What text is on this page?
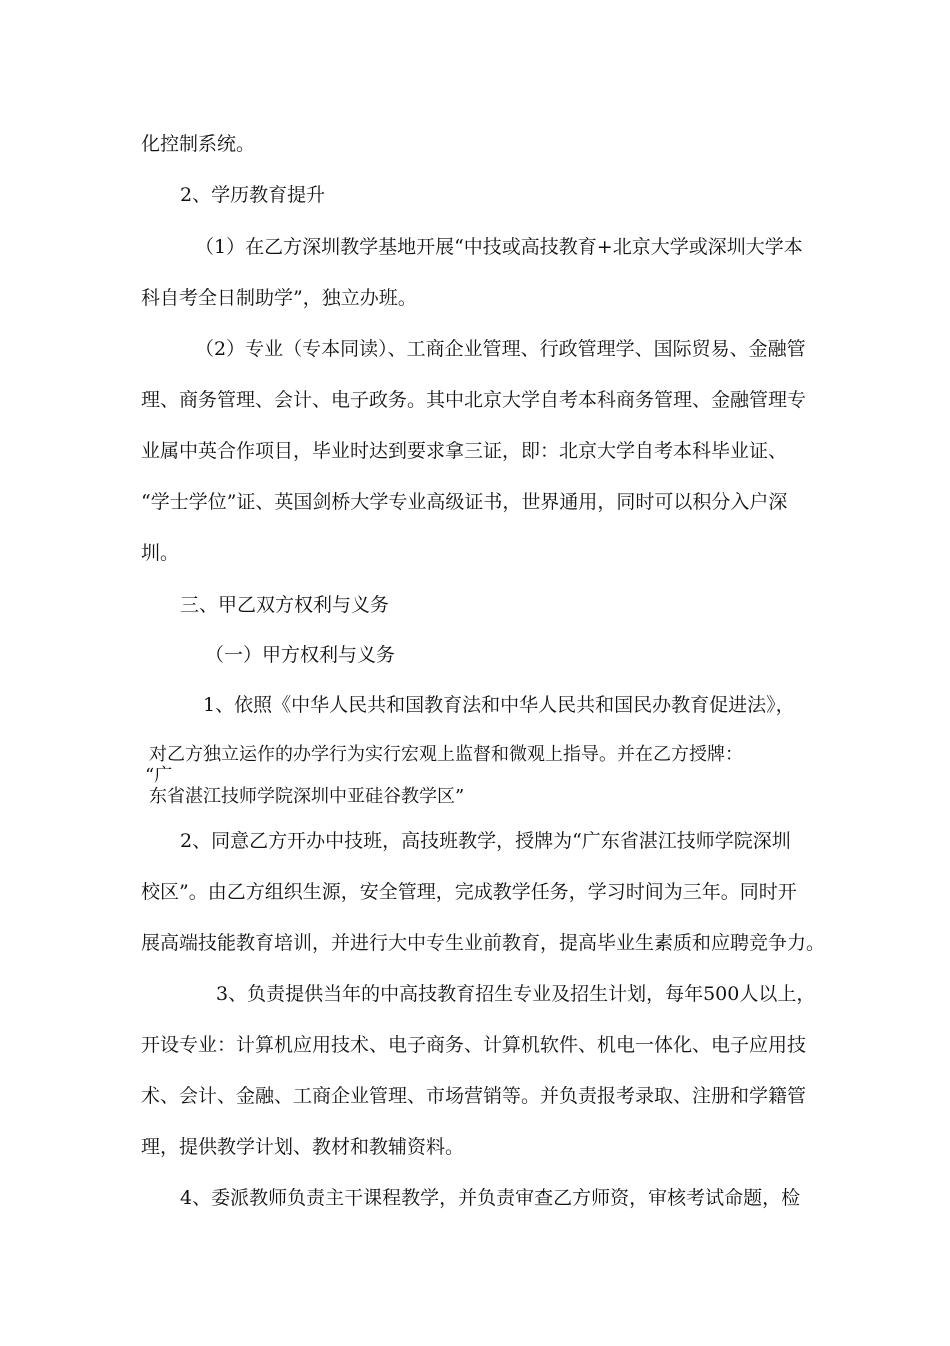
化控制系统。

2、学历教育提升

（1）在乙方深圳教学基地开展“中技或高技教育+北京大学或深圳大学本

科自考全日制助学”，独立办班。

（2）专业（专本同读）、工商企业管理、行政管理学、国际贸易、金融管

理、商务管理、会计、电子政务。其中北京大学自考本科商务管理、金融管理专

业属中英合作项目，毕业时达到要求拿三证，即：北京大学自考本科毕业证、

“学士学位”证、英国剑桥大学专业高级证书，世界通用，同时可以积分入户深

圳。

三、甲乙双方权利与义务

（一）甲方权利与义务

1、依照《中华人民共和国教育法和中华人民共和国民办教育促进法》，

对乙方独立运作的办学行为实行宏观上监督和微观上指导。并在乙方授牌：

“广

东省湛江技师学院深圳中亚硅谷教学区”

2、同意乙方开办中技班，高技班教学，授牌为“广东省湛江技师学院深圳

校区”。由乙方组织生源，安全管理，完成教学任务，学习时间为三年。同时开

展高端技能教育培训，并进行大中专生业前教育，提高毕业生素质和应聘竞争力。

3、负责提供当年的中高技教育招生专业及招生计划，每年500人以上，

开设专业：计算机应用技术、电子商务、计算机软件、机电一体化、电子应用技

术、会计、金融、工商企业管理、市场营销等。并负责报考录取、注册和学籍管

理，提供教学计划、教材和教辅资料。

4、委派教师负责主干课程教学，并负责审查乙方师资，审核考试命题，检
